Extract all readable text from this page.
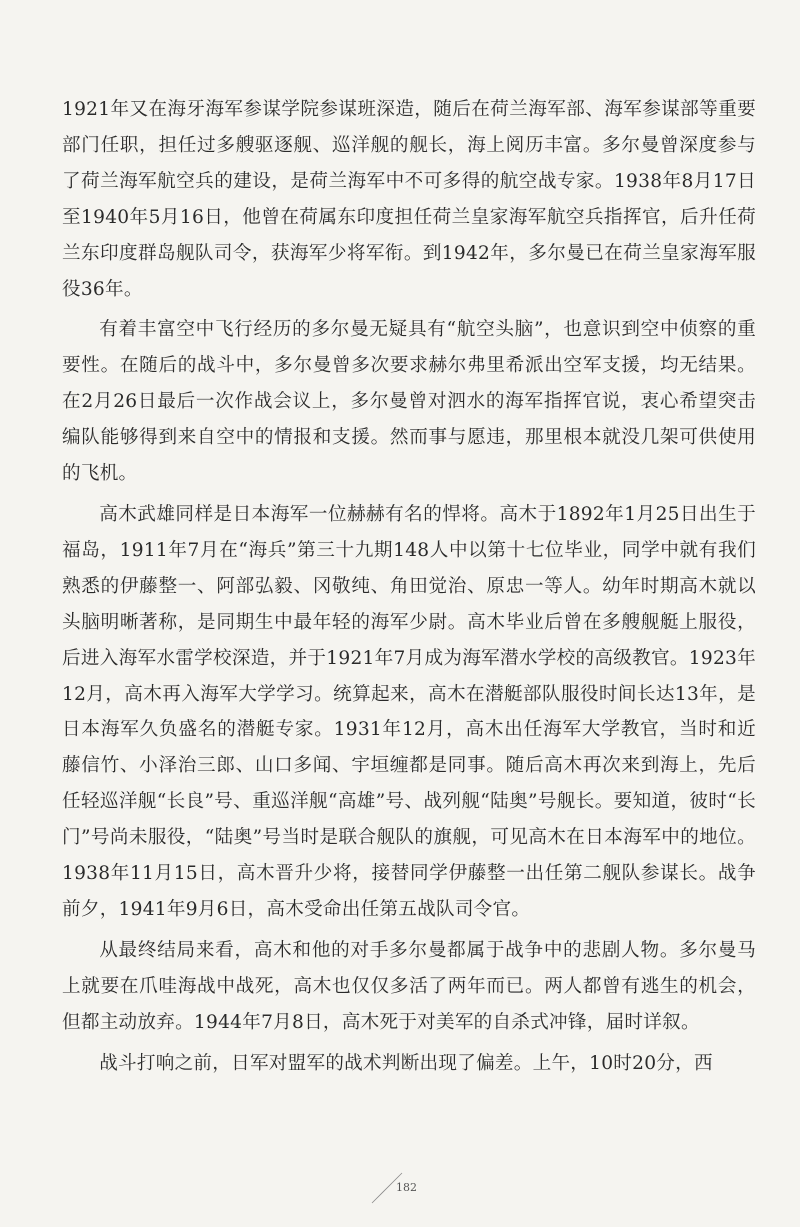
1921年又在海牙海军参谋学院参谋班深造，随后在荷兰海军部、海军参谋部等重要部门任职，担任过多艘驱逐舰、巡洋舰的舰长，海上阅历丰富。多尔曼曾深度参与了荷兰海军航空兵的建设，是荷兰海军中不可多得的航空战专家。1938年8月17日至1940年5月16日，他曾在荷属东印度担任荷兰皇家海军航空兵指挥官，后升任荷兰东印度群岛舰队司令，获海军少将军衔。到1942年，多尔曼已在荷兰皇家海军服役36年。

有着丰富空中飞行经历的多尔曼无疑具有“航空头脑”，也意识到空中侦察的重要性。在随后的战斗中，多尔曼曾多次要求赫尔弗里希派出空军支援，均无结果。在2月26日最后一次作战会议上，多尔曼曾对泗水的海军指挥官说，衷心希望突击编队能够得到来自空中的情报和支援。然而事与愿违，那里根本就没几架可供使用的飞机。

高木武雄同样是日本海军一位赫赫有名的悍将。高木于1892年1月25日出生于福岛，1911年7月在“海兵”第三十九期148人中以第十七位毕业，同学中就有我们熟悉的伊藤整一、阿部弘毅、冈敬纯、角田觉治、原忠一等人。幼年时期高木就以头脑明晰著称，是同期生中最年轻的海军少尉。高木毕业后曾在多艘舰艇上服役，后进入海军水雷学校深造，并于1921年7月成为海军潜水学校的高级教官。1923年12月，高木再入海军大学学习。统算起来，高木在潜艇部队服役时间长达13年，是日本海军久负盛名的潜艇专家。1931年12月，高木出任海军大学教官，当时和近藤信竹、小泽治三郎、山口多闻、宇垣缠都是同事。随后高木再次来到海上，先后任轻巡洋舰“长良”号、重巡洋舰“高雄”号、战列舰“陆奥”号舰长。要知道，彼时“长门”号尚未服役，“陆奥”号当时是联合舰队的旗舰，可见高木在日本海军中的地位。1938年11月15日，高木晋升少将，接替同学伊藤整一出任第二舰队参谋长。战争前夕，1941年9月6日，高木受命出任第五战队司令官。

从最终结局来看，高木和他的对手多尔曼都属于战争中的悲剧人物。多尔曼马上就要在爪哇海战中战死，高木也仅仅多活了两年而已。两人都曾有逃生的机会，但都主动放弃。1944年7月8日，高木死于对美军的自杀式冲锋，届时详叙。

战斗打响之前，日军对盟军的战术判断出现了偏差。上午，10时20分，西

182
